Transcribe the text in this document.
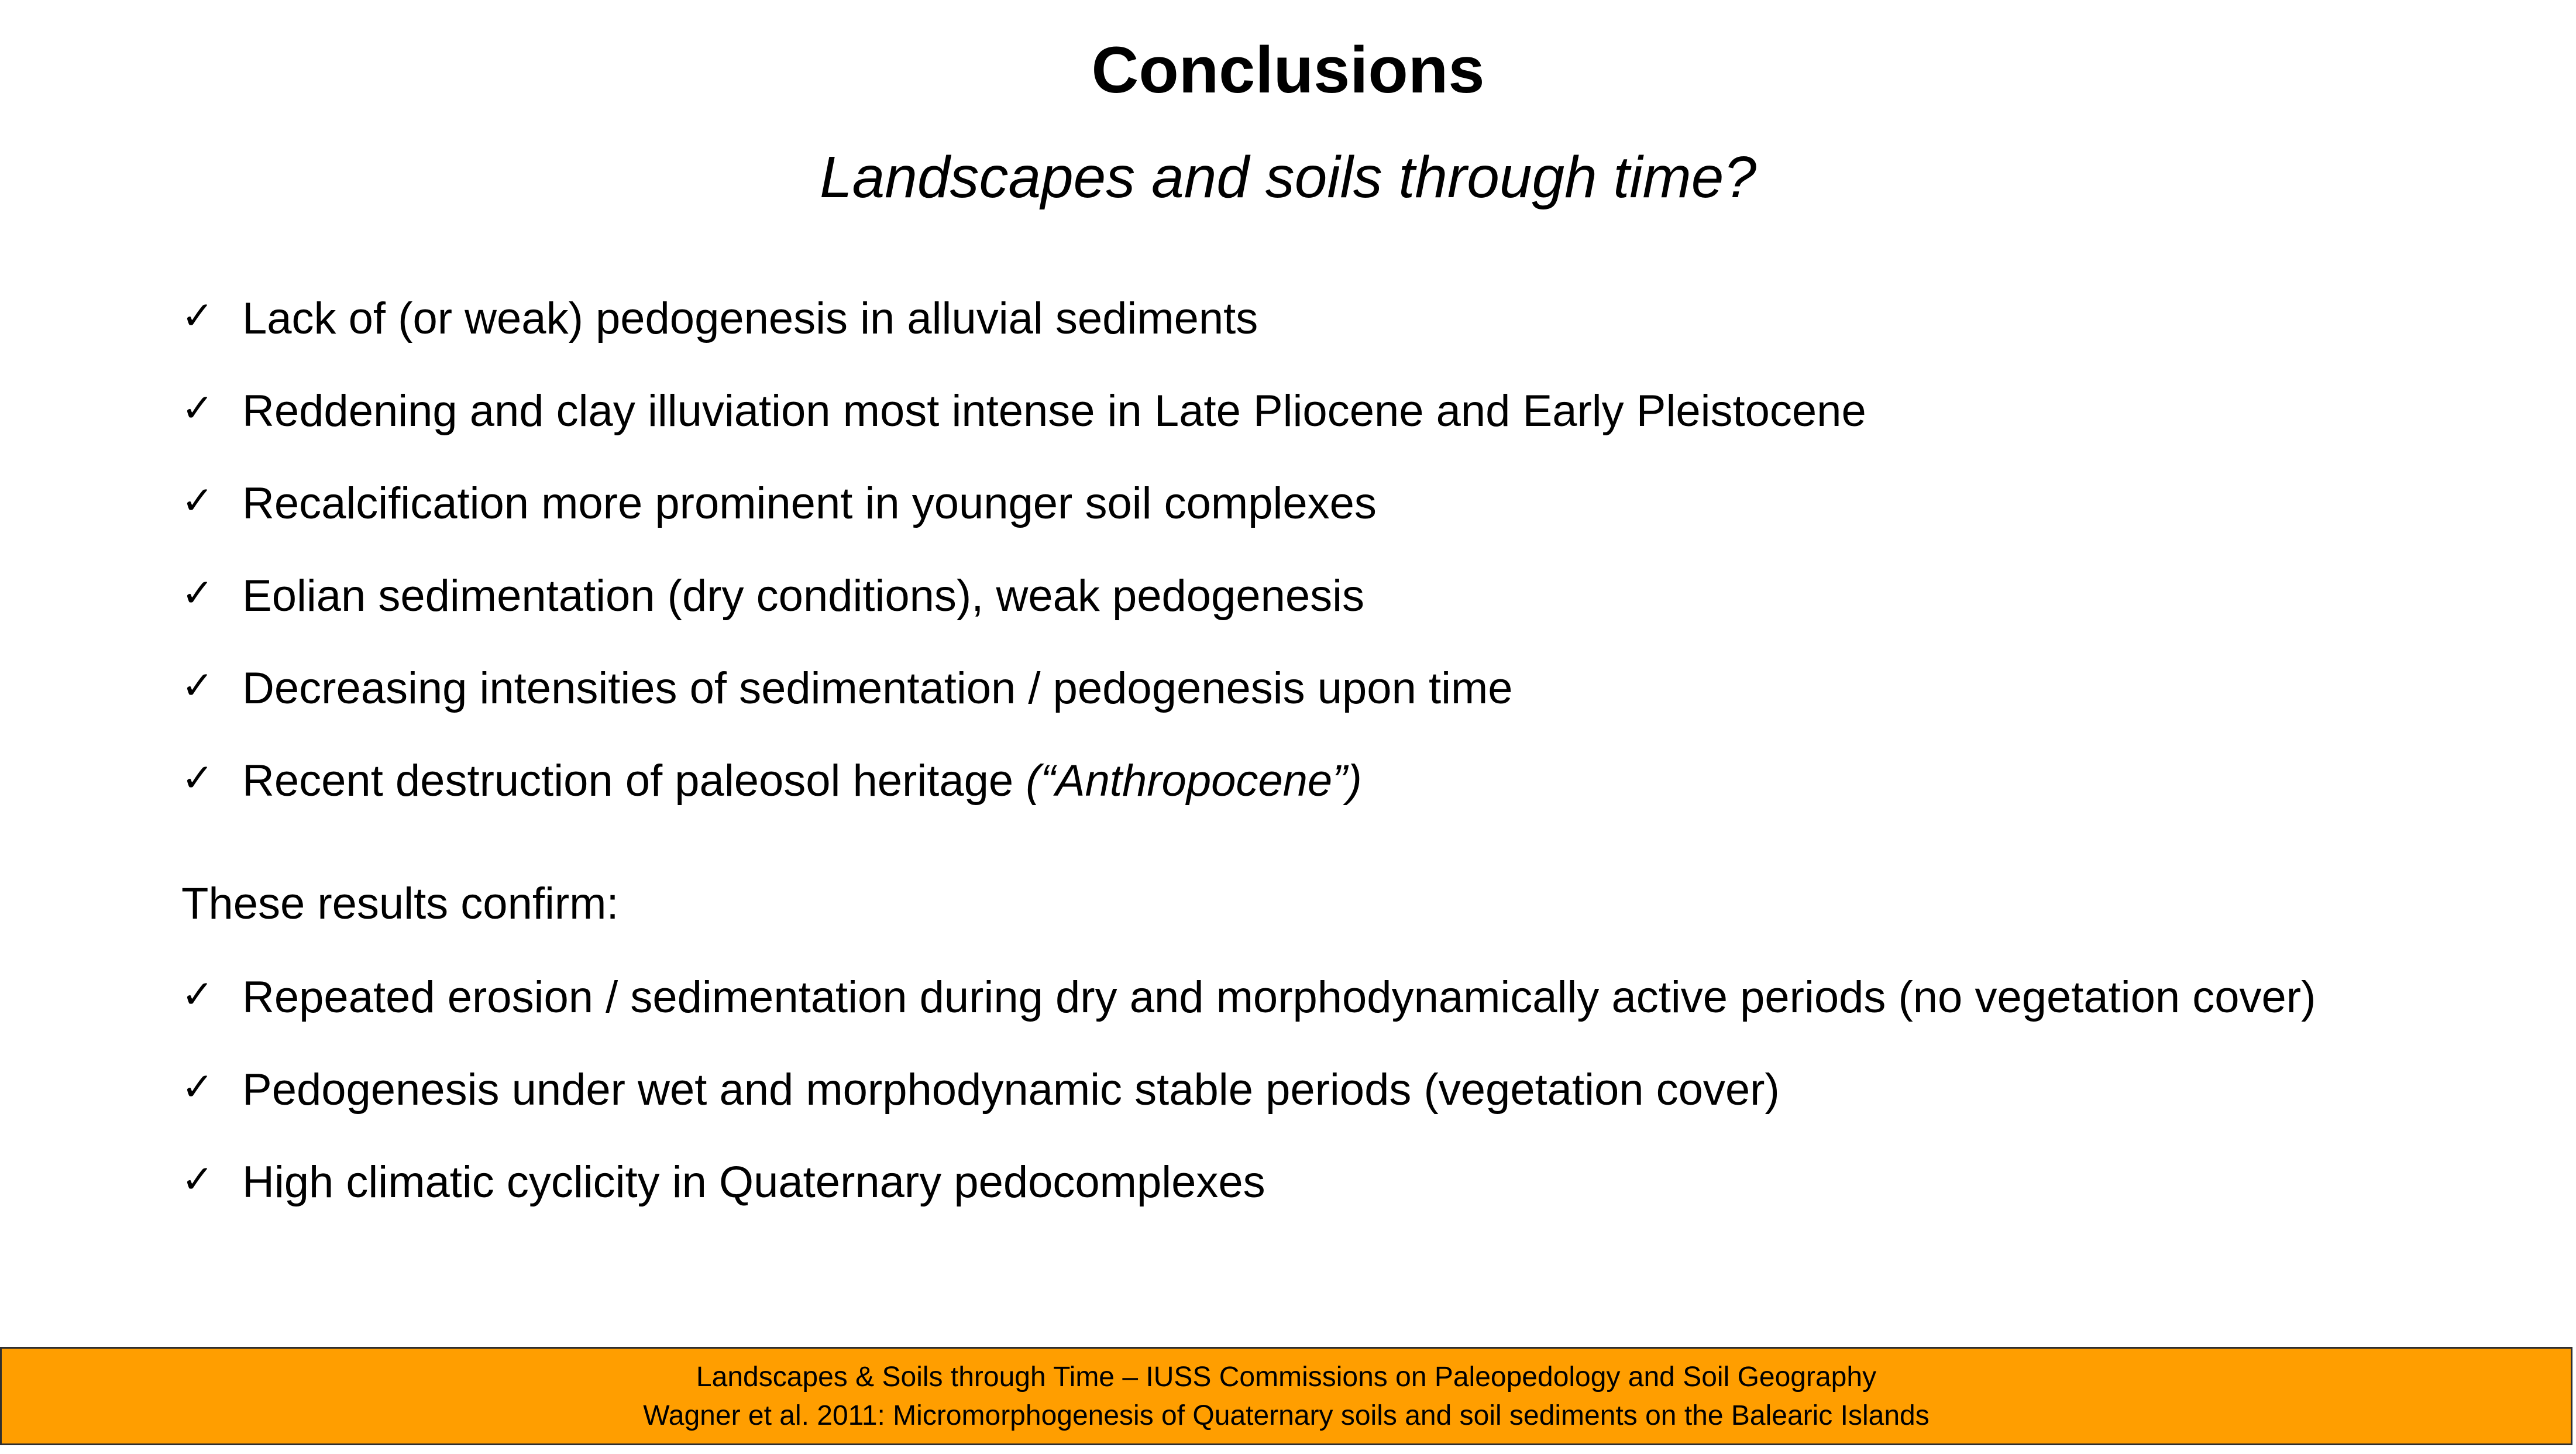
Conclusions
Landscapes and soils through time?
✓ Lack of (or weak) pedogenesis in alluvial sediments
✓ Reddening and clay illuviation most intense in Late Pliocene and Early Pleistocene
✓ Recalcification more prominent in younger soil complexes
✓ Eolian sedimentation (dry conditions), weak pedogenesis
✓ Decreasing intensities of sedimentation / pedogenesis upon time
✓ Recent destruction of paleosol heritage (“Anthropocene”)
These results confirm:
✓ Repeated erosion / sedimentation during dry and morphodynamically active periods (no vegetation cover)
✓ Pedogenesis under wet and morphodynamic stable periods (vegetation cover)
✓ High climatic cyclicity in Quaternary pedocomplexes
Landscapes & Soils through Time – IUSS Commissions on Paleopedology and Soil Geography
Wagner et al. 2011: Micromorphogenesis of Quaternary soils and soil sediments on the Balearic Islands
